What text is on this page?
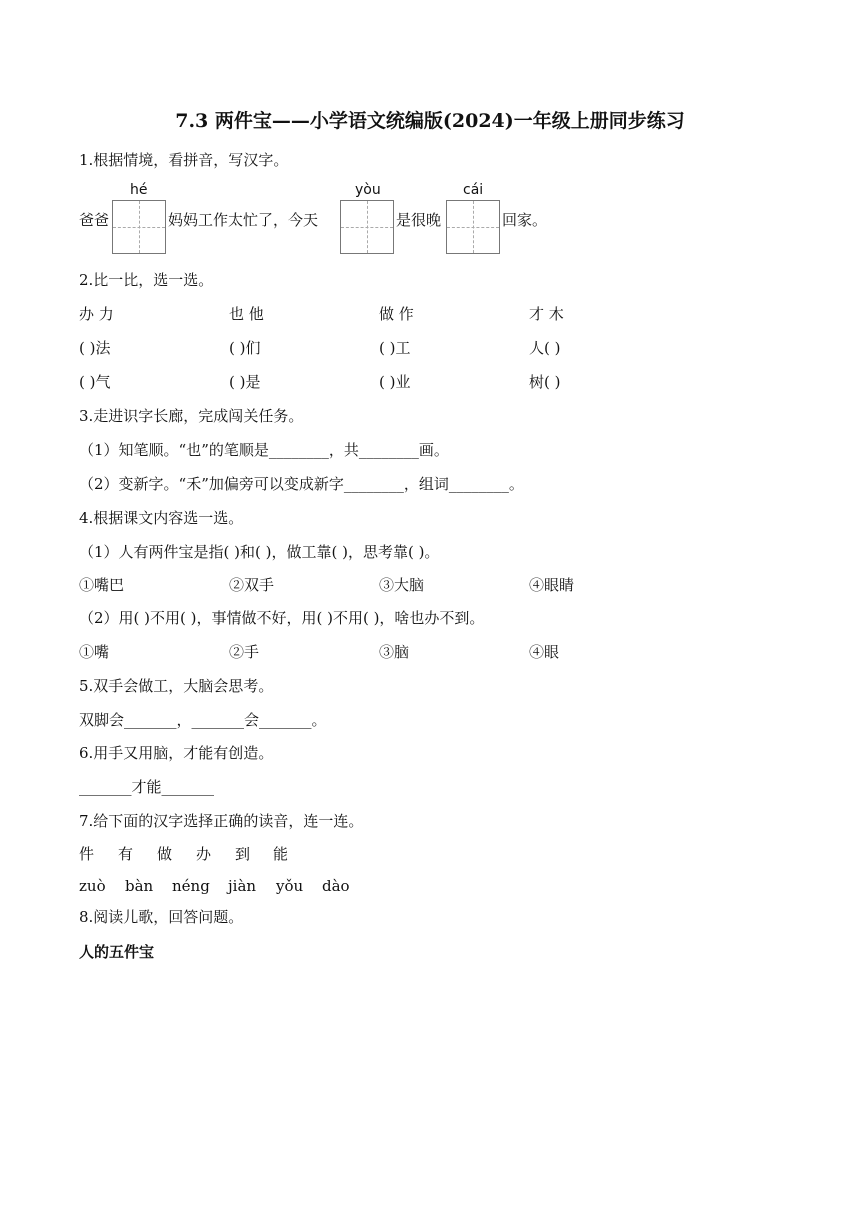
7.3 两件宝——小学语文统编版(2024)一年级上册同步练习
1.根据情境，看拼音，写汉字。
hé	yòu	cái
爸爸	妈妈工作太忙了，今天	是很晚	回家。
2.比一比，选一选。
办 力	也 他	做 作	才 木
( )法	( )们	( )工	人( )
( )气	( )是	( )业	树( )
3.走进识字长廊，完成闯关任务。
（1）知笔顺。“也”的笔顺是________，共________画。
（2）变新字。“禾”加偏旁可以变成新字________，组词________。
4.根据课文内容选一选。
（1）人有两件宝是指( )和( )，做工靠( )，思考靠( )。
①嘴巴	②双手	③大脑	④眼睛
（2）用( )不用( )，事情做不好，用( )不用( )，啥也办不到。
①嘴	②手	③脑	④眼
5.双手会做工，大脑会思考。
双脚会_______，_______会_______。
6.用手又用脑，才能有创造。
_______才能_______
7.给下面的汉字选择正确的读音，连一连。
件 有 做 办 到 能
zuò bàn néng jiàn yǒu dào
8.阅读儿歌，回答问题。
人的五件宝
